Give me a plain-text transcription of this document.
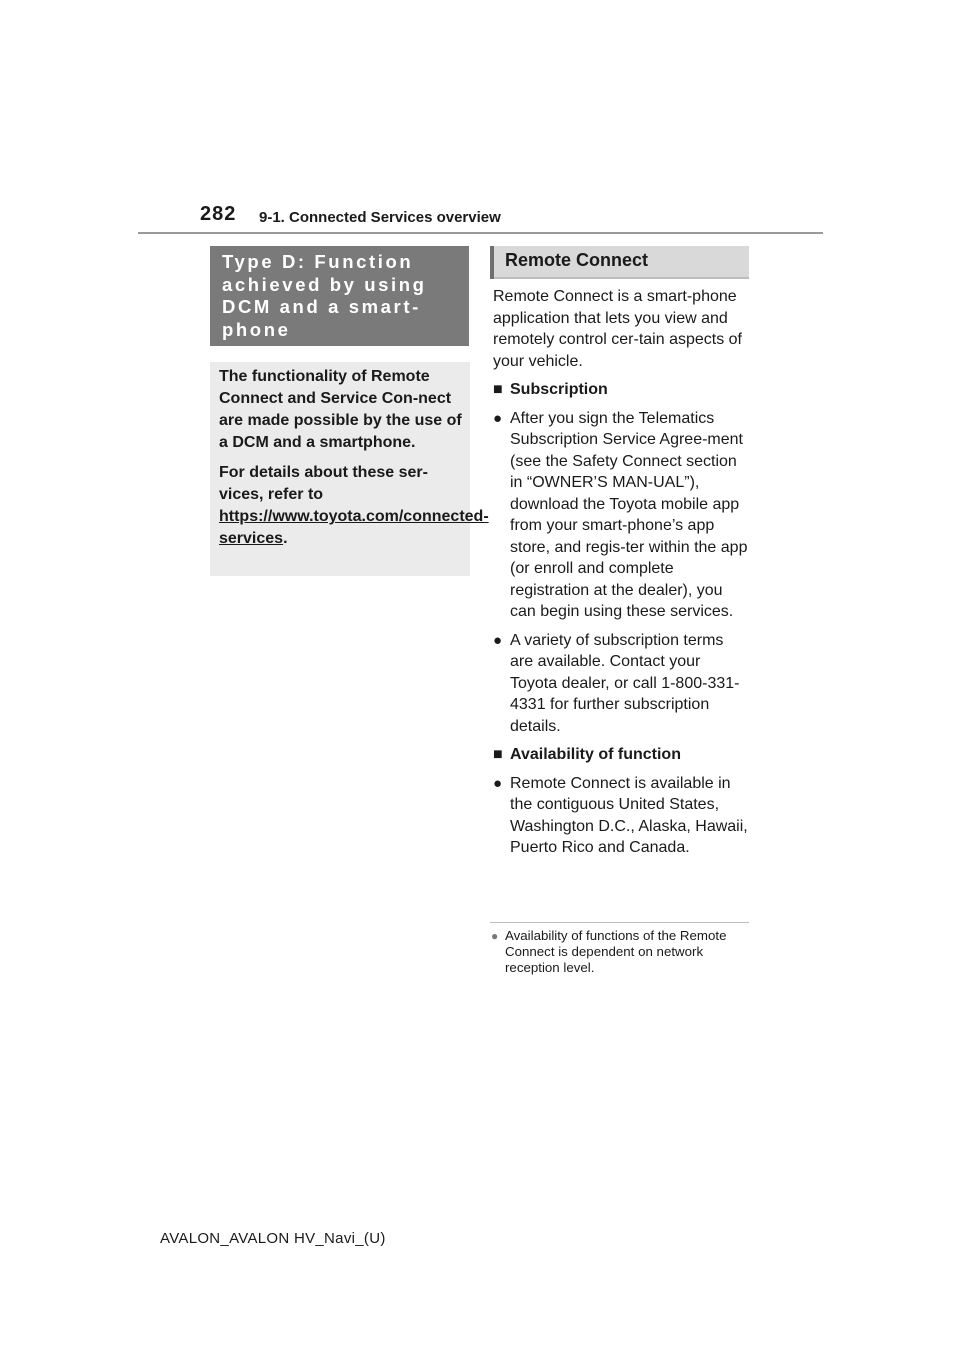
282 9-1. Connected Services overview
Type D: Function achieved by using DCM and a smart-phone

The functionality of Remote Connect and Service Con-nect are made possible by the use of a DCM and a smartphone.

For details about these ser-vices, refer to https://www.toyota.com/connected-services.

Remote Connect

Remote Connect is a smart-phone application that lets you view and remotely control cer-tain aspects of your vehicle.

■ Subscription

● After you sign the Telematics Subscription Service Agree-ment (see the Safety Connect section in “OWNER’S MAN-UAL”), download the Toyota mobile app from your smart-phone’s app store, and regis-ter within the app (or enroll and complete registration at the dealer), you can begin using these services.

● A variety of subscription terms are available. Contact your Toyota dealer, or call 1-800-331-4331 for further subscription details.

■ Availability of function

● Remote Connect is available in the contiguous United States, Washington D.C., Alaska, Hawaii, Puerto Rico and Canada.

● Availability of functions of the Remote Connect is dependent on network reception level.
AVALON_AVALON HV_Navi_(U)
